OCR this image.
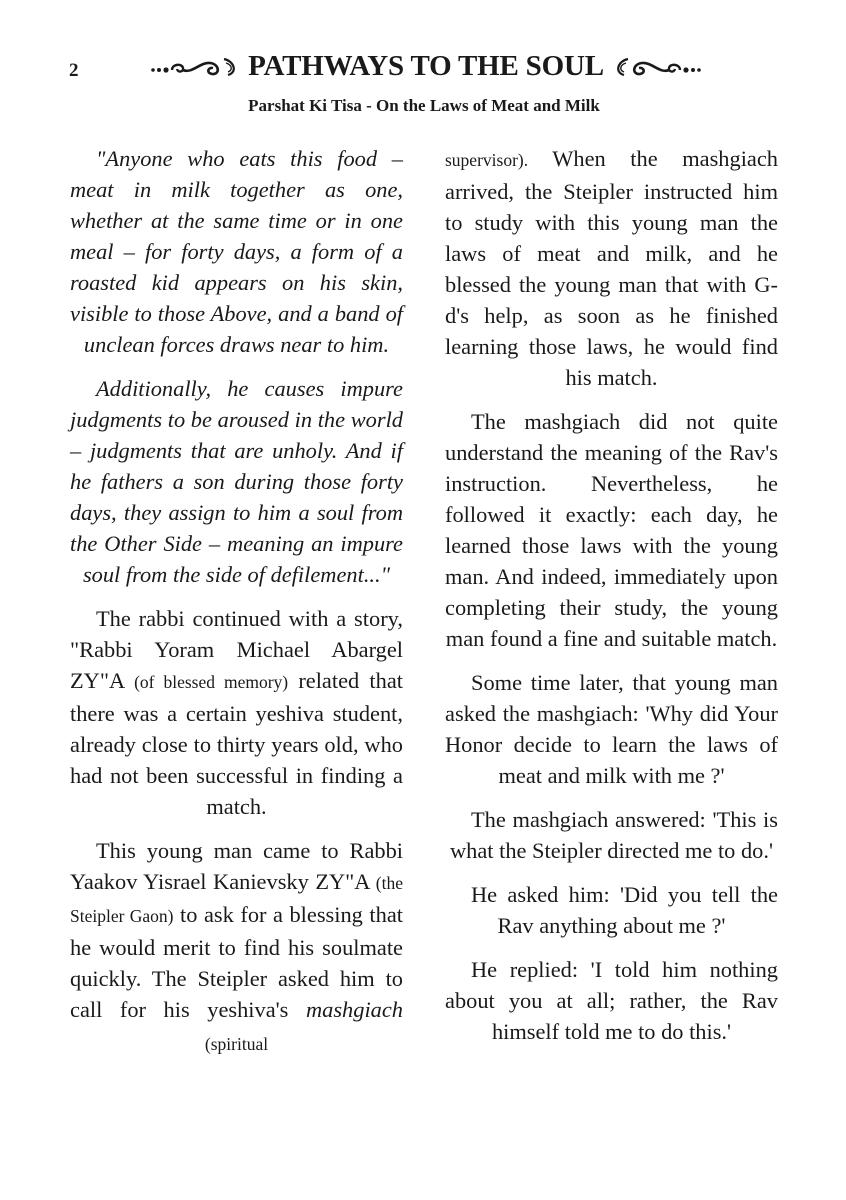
2	PATHWAYS TO THE SOUL
Parshat Ki Tisa - On the Laws of Meat and Milk

"Anyone who eats this food – meat in milk together as one, whether at the same time or in one meal – for forty days, a form of a roasted kid appears on his skin, visible to those Above, and a band of unclean forces draws near to him.

Additionally, he causes impure judgments to be aroused in the world – judgments that are unholy. And if he fathers a son during those forty days, they assign to him a soul from the Other Side – meaning an impure soul from the side of defilement..."

The rabbi continued with a story, "Rabbi Yoram Michael Abargel ZY"A (of blessed memory) related that there was a certain yeshiva student, already close to thirty years old, who had not been successful in finding a match.

This young man came to Rabbi Yaakov Yisrael Kanievsky ZY"A (the Steipler Gaon) to ask for a blessing that he would merit to find his soulmate quickly. The Steipler asked him to call for his yeshiva's mashgiach (spiritual

supervisor). When the mashgiach arrived, the Steipler instructed him to study with this young man the laws of meat and milk, and he blessed the young man that with G-d's help, as soon as he finished learning those laws, he would find his match.

The mashgiach did not quite understand the meaning of the Rav's instruction. Nevertheless, he followed it exactly: each day, he learned those laws with the young man. And indeed, immediately upon completing their study, the young man found a fine and suitable match.

Some time later, that young man asked the mashgiach: 'Why did Your Honor decide to learn the laws of meat and milk with me ?'

The mashgiach answered: 'This is what the Steipler directed me to do.'

He asked him: 'Did you tell the Rav anything about me ?'

He replied: 'I told him nothing about you at all; rather, the Rav himself told me to do this.'
